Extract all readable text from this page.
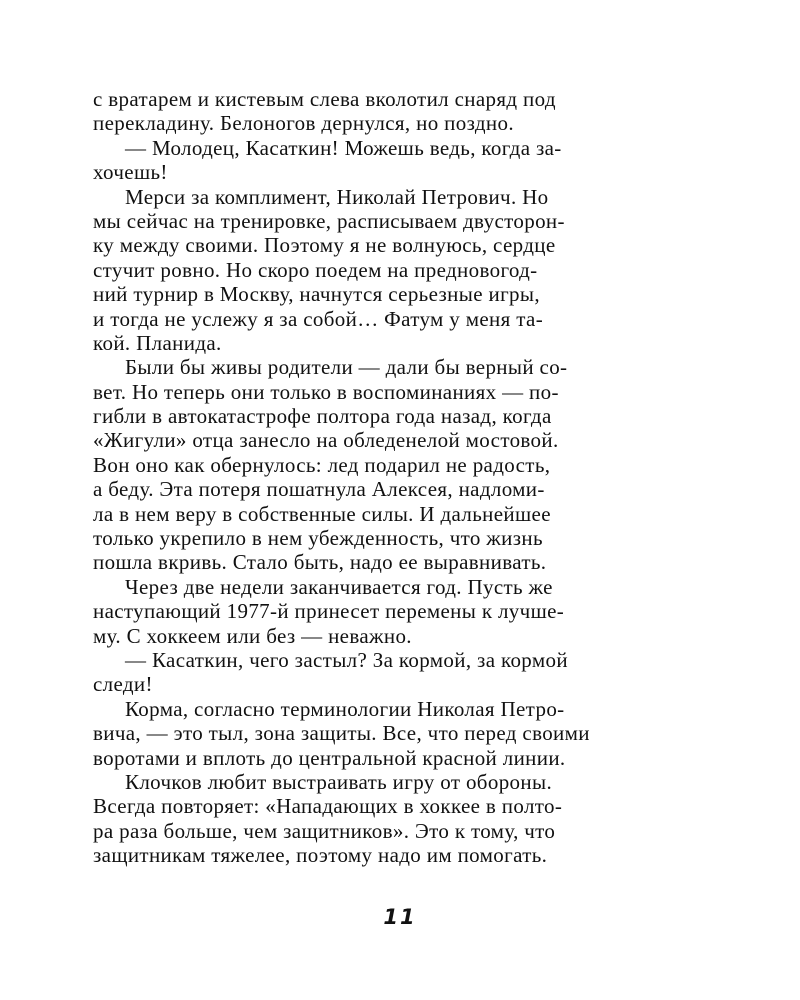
с вратарем и кистевым слева вколотил снаряд под
перекладину. Белоногов дернулся, но поздно.
— Молодец, Касаткин! Можешь ведь, когда за-
хочешь!
Мерси за комплимент, Николай Петрович. Но
мы сейчас на тренировке, расписываем двусторон-
ку между своими. Поэтому я не волнуюсь, сердце
стучит ровно. Но скоро поедем на предновогод-
ний турнир в Москву, начнутся серьезные игры,
и тогда не услежу я за собой… Фатум у меня та-
кой. Планида.
Были бы живы родители — дали бы верный со-
вет. Но теперь они только в воспоминаниях — по-
гибли в автокатастрофе полтора года назад, когда
«Жигули» отца занесло на обледенелой мостовой.
Вон оно как обернулось: лед подарил не радость,
а беду. Эта потеря пошатнула Алексея, надломи-
ла в нем веру в собственные силы. И дальнейшее
только укрепило в нем убежденность, что жизнь
пошла вкривь. Стало быть, надо ее выравнивать.
Через две недели заканчивается год. Пусть же
наступающий 1977-й принесет перемены к лучше-
му. С хоккеем или без — неважно.
— Касаткин, чего застыл? За кормой, за кормой
следи!
Корма, согласно терминологии Николая Петро-
вича, — это тыл, зона защиты. Все, что перед своими
воротами и вплоть до центральной красной линии.
Клочков любит выстраивать игру от обороны.
Всегда повторяет: «Нападающих в хоккее в полто-
ра раза больше, чем защитников». Это к тому, что
защитникам тяжелее, поэтому надо им помогать.
11
